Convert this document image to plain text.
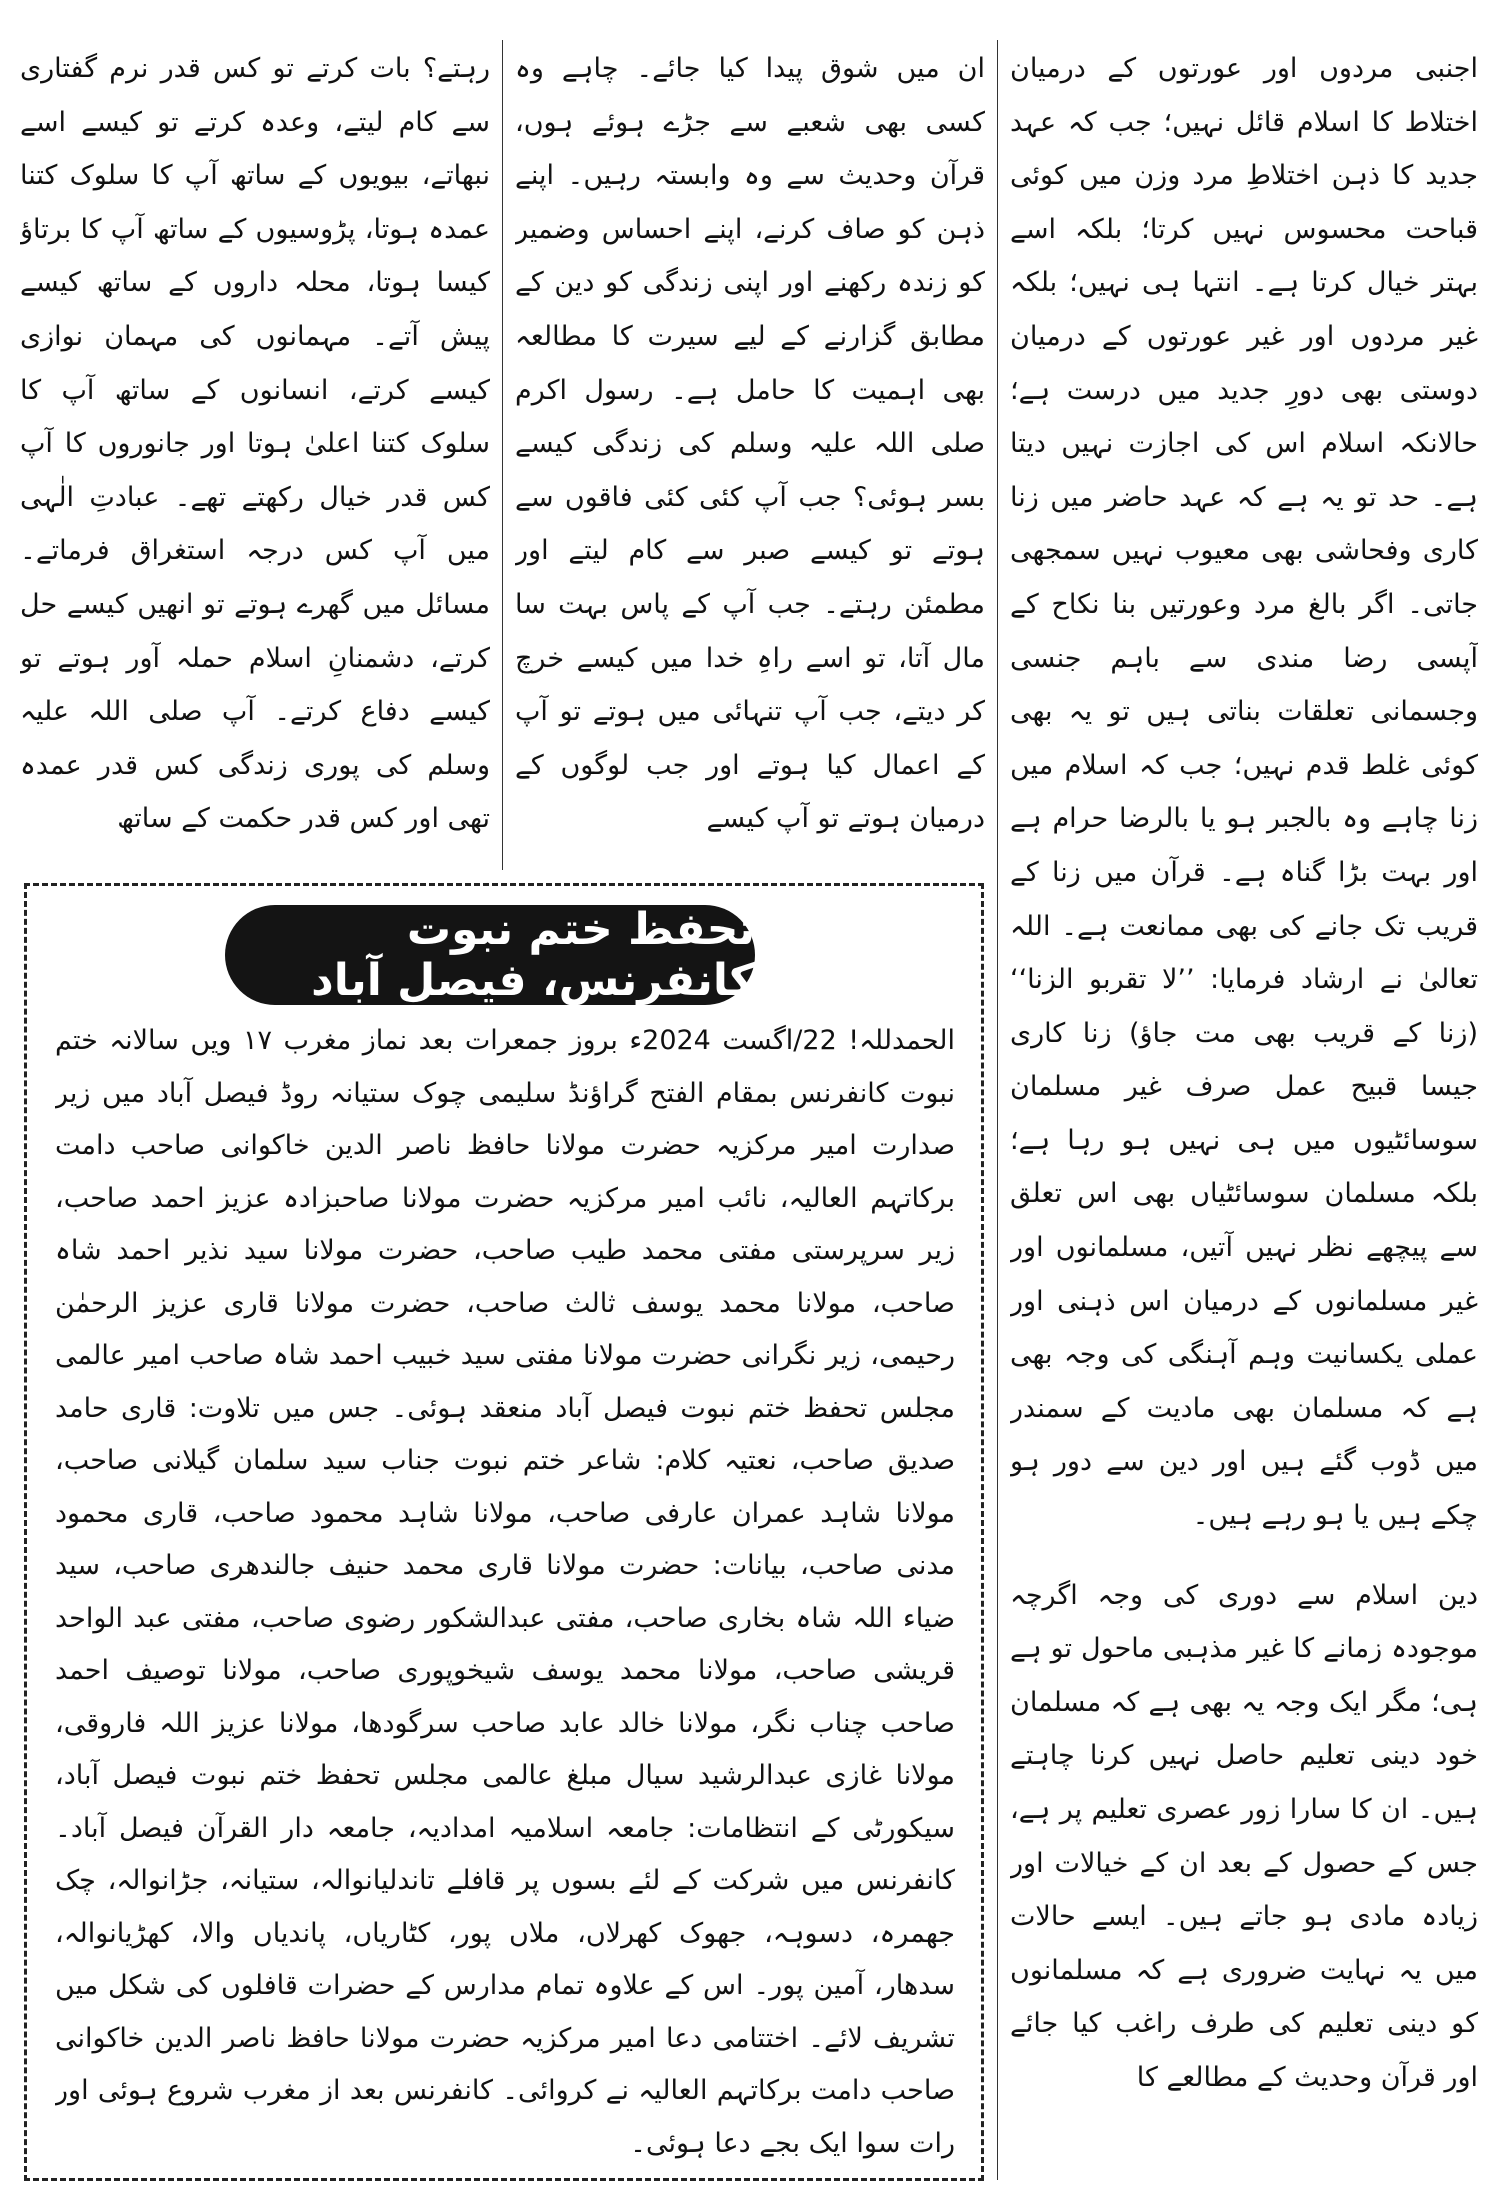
اجنبی مردوں اور عورتوں کے درمیان اختلاط کا اسلام قائل نہیں؛ جب کہ عہد جدید کا ذہن اختلاطِ مرد وزن میں کوئی قباحت محسوس نہیں کرتا؛ بلکہ اسے بہتر خیال کرتا ہے۔ انتہا ہی نہیں؛ بلکہ غیر مردوں اور غیر عورتوں کے درمیان دوستی بھی دورِ جدید میں درست ہے؛ حالانکہ اسلام اس کی اجازت نہیں دیتا ہے۔ حد تو یہ ہے کہ عہد حاضر میں زنا کاری وفحاشی بھی معیوب نہیں سمجھی جاتی۔ اگر بالغ مرد وعورتیں بنا نکاح کے آپسی رضا مندی سے باہم جنسی وجسمانی تعلقات بناتی ہیں تو یہ بھی کوئی غلط قدم نہیں؛ جب کہ اسلام میں زنا چاہے وہ بالجبر ہو یا بالرضا حرام ہے اور بہت بڑا گناہ ہے۔ قرآن میں زنا کے قریب تک جانے کی بھی ممانعت ہے۔ اللہ تعالیٰ نے ارشاد فرمایا: ’’لا تقربو الزنا‘‘ (زنا کے قریب بھی مت جاؤ) زنا کاری جیسا قبیح عمل صرف غیر مسلمان سوسائٹیوں میں ہی نہیں ہو رہا ہے؛ بلکہ مسلمان سوسائٹیاں بھی اس تعلق سے پیچھے نظر نہیں آتیں، مسلمانوں اور غیر مسلمانوں کے درمیان اس ذہنی اور عملی یکسانیت وہم آہنگی کی وجہ بھی ہے کہ مسلمان بھی مادیت کے سمندر میں ڈوب گئے ہیں اور دین سے دور ہو چکے ہیں یا ہو رہے ہیں۔

دین اسلام سے دوری کی وجہ اگرچہ موجودہ زمانے کا غیر مذہبی ماحول تو ہے ہی؛ مگر ایک وجہ یہ بھی ہے کہ مسلمان خود دینی تعلیم حاصل نہیں کرنا چاہتے ہیں۔ ان کا سارا زور عصری تعلیم پر ہے، جس کے حصول کے بعد ان کے خیالات اور زیادہ مادی ہو جاتے ہیں۔ ایسے حالات میں یہ نہایت ضروری ہے کہ مسلمانوں کو دینی تعلیم کی طرف راغب کیا جائے اور قرآن وحدیث کے مطالعے کا

ان میں شوق پیدا کیا جائے۔ چاہے وہ کسی بھی شعبے سے جڑے ہوئے ہوں، قرآن وحدیث سے وہ وابستہ رہیں۔ اپنے ذہن کو صاف کرنے، اپنے احساس وضمیر کو زندہ رکھنے اور اپنی زندگی کو دین کے مطابق گزارنے کے لیے سیرت کا مطالعہ بھی اہمیت کا حامل ہے۔ رسول اکرم صلی اللہ علیہ وسلم کی زندگی کیسے بسر ہوئی؟ جب آپ کئی کئی فاقوں سے ہوتے تو کیسے صبر سے کام لیتے اور مطمئن رہتے۔ جب آپ کے پاس بہت سا مال آتا، تو اسے راہِ خدا میں کیسے خرچ کر دیتے، جب آپ تنہائی میں ہوتے تو آپ کے اعمال کیا ہوتے اور جب لوگوں کے درمیان ہوتے تو آپ کیسے

رہتے؟ بات کرتے تو کس قدر نرم گفتاری سے کام لیتے، وعدہ کرتے تو کیسے اسے نبھاتے، بیویوں کے ساتھ آپ کا سلوک کتنا عمدہ ہوتا، پڑوسیوں کے ساتھ آپ کا برتاؤ کیسا ہوتا، محلہ داروں کے ساتھ کیسے پیش آتے۔ مہمانوں کی مہمان نوازی کیسے کرتے، انسانوں کے ساتھ آپ کا سلوک کتنا اعلیٰ ہوتا اور جانوروں کا آپ کس قدر خیال رکھتے تھے۔ عبادتِ الٰہی میں آپ کس درجہ استغراق فرماتے۔ مسائل میں گھرے ہوتے تو انھیں کیسے حل کرتے، دشمنانِ اسلام حملہ آور ہوتے تو کیسے دفاع کرتے۔ آپ صلی اللہ علیہ وسلم کی پوری زندگی کس قدر عمدہ تھی اور کس قدر حکمت کے ساتھ

تحفظ ختم نبوت کانفرنس، فیصل آباد

الحمدللہ! 22/اگست 2024ء بروز جمعرات بعد نماز مغرب ۱۷ ویں سالانہ ختم نبوت کانفرنس بمقام الفتح گراؤنڈ سلیمی چوک ستیانہ روڈ فیصل آباد میں زیر صدارت امیر مرکزیہ حضرت مولانا حافظ ناصر الدین خاکوانی صاحب دامت برکاتہم العالیہ، نائب امیر مرکزیہ حضرت مولانا صاحبزادہ عزیز احمد صاحب، زیر سرپرستی مفتی محمد طیب صاحب، حضرت مولانا سید نذیر احمد شاہ صاحب، مولانا محمد یوسف ثالث صاحب، حضرت مولانا قاری عزیز الرحمٰن رحیمی، زیر نگرانی حضرت مولانا مفتی سید خبیب احمد شاہ صاحب امیر عالمی مجلس تحفظ ختم نبوت فیصل آباد منعقد ہوئی۔ جس میں تلاوت: قاری حامد صدیق صاحب، نعتیہ کلام: شاعر ختم نبوت جناب سید سلمان گیلانی صاحب، مولانا شاہد عمران عارفی صاحب، مولانا شاہد محمود صاحب، قاری محمود مدنی صاحب، بیانات: حضرت مولانا قاری محمد حنیف جالندھری صاحب، سید ضیاء اللہ شاہ بخاری صاحب، مفتی عبدالشکور رضوی صاحب، مفتی عبد الواحد قریشی صاحب، مولانا محمد یوسف شیخوپوری صاحب، مولانا توصیف احمد صاحب چناب نگر، مولانا خالد عابد صاحب سرگودھا، مولانا عزیز اللہ فاروقی، مولانا غازی عبدالرشید سیال مبلغ عالمی مجلس تحفظ ختم نبوت فیصل آباد، سیکورٹی کے انتظامات: جامعہ اسلامیہ امدادیہ، جامعہ دار القرآن فیصل آباد۔ کانفرنس میں شرکت کے لئے بسوں پر قافلے تاندلیانوالہ، ستیانہ، جڑانوالہ، چک جھمرہ، دسوہہ، جھوک کھرلاں، ملاں پور، کٹاریاں، پاندیاں والا، کھڑیانوالہ، سدھار، آمین پور۔ اس کے علاوہ تمام مدارس کے حضرات قافلوں کی شکل میں تشریف لائے۔ اختتامی دعا امیر مرکزیہ حضرت مولانا حافظ ناصر الدین خاکوانی صاحب دامت برکاتہم العالیہ نے کروائی۔ کانفرنس بعد از مغرب شروع ہوئی اور رات سوا ایک بجے دعا ہوئی۔
